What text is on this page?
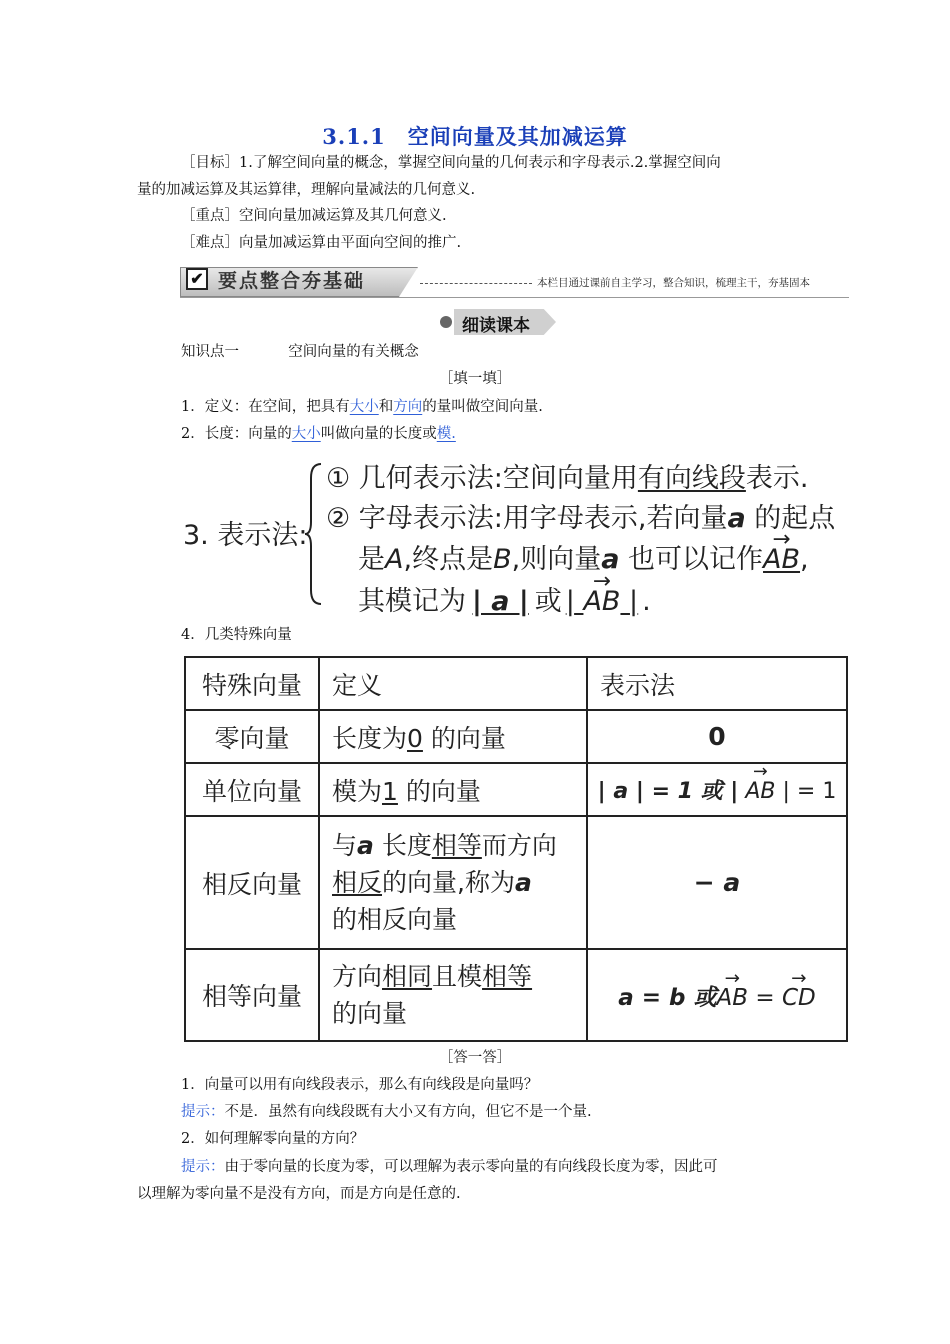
3.1.1　空间向量及其加减运算
［目标］1.了解空间向量的概念，掌握空间向量的几何表示和字母表示.2.掌握空间向
量的加减运算及其运算律，理解向量减法的几何意义.
［重点］空间向量加减运算及其几何意义.
［难点］向量加减运算由平面向空间的推广.
✔ 要点整合夯基础	本栏目通过课前自主学习，整合知识，梳理主干，夯基固本
细读课本
知识点一	空间向量的有关概念
［填一填］
1．定义：在空间，把具有大小和方向的量叫做空间向量.
2．长度：向量的大小叫做向量的长度或模.
3. 表示法:
① 几何表示法:空间向量用有向线段表示.
② 字母表示法:用字母表示,若向量a 的起点
是A,终点是B,则向量a 也可以记作→ AB,
其模记为 | a | 或 | → AB | .
4．几类特殊向量
特殊向量	定义	表示法
零向量	长度为0 的向量	0
单位向量	模为1 的向量	| a | = 1 或 | → AB | = 1
相反向量	与a 长度相等而方向
相反的向量,称为a
的相反向量	− a
相等向量	方向相同且模相等
的向量	a = b 或→ AB = → CD
［答一答］
1．向量可以用有向线段表示，那么有向线段是向量吗？
提示：不是．虽然有向线段既有大小又有方向，但它不是一个量.
2．如何理解零向量的方向？
提示：由于零向量的长度为零，可以理解为表示零向量的有向线段长度为零，因此可
以理解为零向量不是没有方向，而是方向是任意的.
